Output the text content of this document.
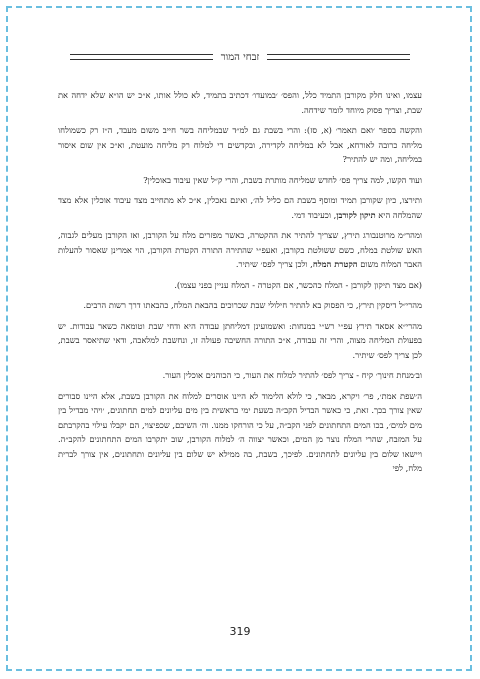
זבחי המור

עצמו, ואינו חלק מקורבן התמיד כלל, והפס׳ ׳במועדו׳ דכתיב בתמיד, לא כולל אותו, א״כ יש הו״א שלא ידחה את שבת, וצריך פסוק מיוחד לומר שידחה.

והקשה בספר ׳ואם תאמר׳ (א, סז): והרי בשבת גם למ״ד שבמליחה בשר חייב משום מעבד, ה״ז רק כשמולחו מליחה כרובה לאורחא, אבל לא במליחה לקדירה, ובקדשים די למלוח רק מליחה מועטת, וא״כ אין שום איסור במליחה, ומה יש להתיר?

ועוד הקשו, למה צריך פס׳ לחדש שמליחה מותרת בשבת, והרי ק״ל שאין עיבוד באוכלין?

ותירצו, כיון שקורבן תמיד ומוסף בשבת הם כליל לה׳, ואינם נאכלין, א״כ לא מתחייב מצד עיבוד אוכלין אלא מצד שהמלחה היא תיקון לקורבן, וכעיבוד דמי.

ומהר״מ מרוטנבורג תירץ, שצריך להתיר את ההקטרה, כאשר מפזרים מלח על הקורבן, ואז הקורבן מעלים לגבוה, האש שולטת במלח, כשם ששולטת בקורבן, ואעפ״י שהתירה התורה הקטרת הקורבן, הוי אמרינן שאסור להעלות האבר המלוח משום הקטרת המלח, ולכן צריך לפס׳ שיתיר.

(אם מצד תיקון לקורבן - המלח כהכשר, אם הקטרה - המלח עניין בפני עצמו).

מהרי״ל דיסקין תירץ, כי הפסוק בא להתיר חילולי שבת שכרוכים בהבאת המלח, כהבאתו דרך רשות הרבים.

מהרי״א אסאד תירץ עפ״י רש״י במנחות: ואשמועינן דמליחתן עבודה היא ודחי שבת וטומאה כשאר עבודות. יש בפעולת המליחה מצוה, והרי זה עבודה, א״כ התורה החשיבה פעולה זו, ונחשבת למלאכה, ודאי שתיאסר בשבת, לכן צריך לפס׳ שיתיר.

וב׳מנחת חינוך׳ קיח - צריך לפס׳ להתיר למלוח את העור, כי הכוהנים אוכלין העור.

ה׳שפת אמת׳, פר׳ ויקרא, מבאר, כי לולא הלימוד לא היינו אוסרים למלוח את הקורבן בשבת, אלא היינו סבורים שאין צורך בכך. זאת, כי כאשר הבדיל הקב״ה בשעת ימי בראשית בין מים עליונים למים תחתונים, ׳ויהי מבדיל בין מים למים׳, בכו המים התחתונים לפני הקב״ה, על כי הורחקו ממנו. וה׳ השיבם, שכפיצוי, הם יקבלו עילוי בהקרבתם על המזבח, שהרי המלח נוצר מן המים, וכאשר יצווה ה׳ למלוח הקורבן, שוב יתקרבו המים התחתונים להקב״ה. ויישאו שלום בין עליונים לתחתונים. לפיכך, בשבת, בה ממילא יש שלום בין עליונים ותחתונים, אין צורך לברית מלח, לפי

319
